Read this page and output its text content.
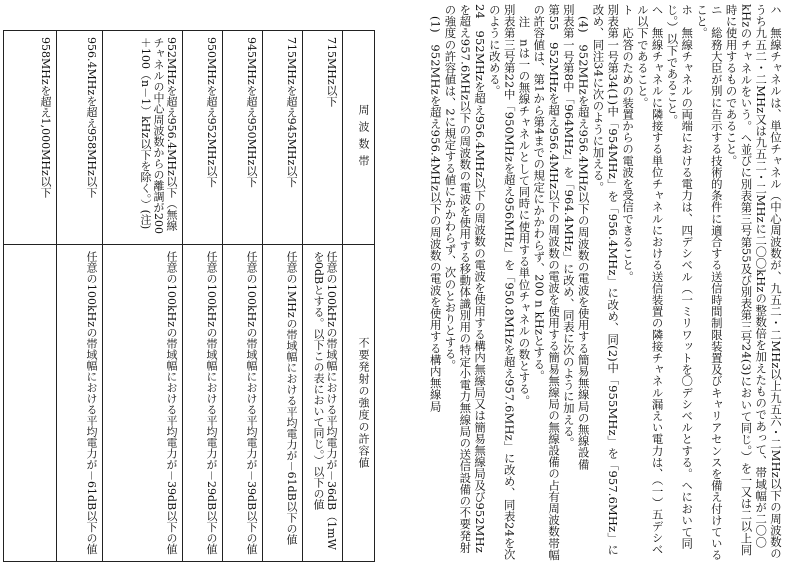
ハ　無線チャネルは、単位チャネル（中心周波数が、九五二・二MHz以上九五六・二MHz以下の周波数のうち九五二・二MHz又は九五二・二MHzに二〇〇kHzの整数倍を加えたものであって、帯域幅が二〇〇kHzのチャネルをいう。ヘ並びに別表第三号第55及び別表第三号24(3)において同じ。）を一又は二以上同時に使用するものであること。

ニ　総務大臣が別に告示する技術的条件に適合する送信時間制限装置及びキャリアセンスを備え付けていること。

ホ　無線チャネルの両端における電力は、四デシベル（一ミリワットを〇デシベルとする。ヘにおいて同じ。）以下であること。

ヘ　無線チャネルに隣接する単位チャネルにおける送信装置の隣接チャネル漏えい電力は、（一）五デシベル以下であること。

ト　応答のための装置からの電波を受信できること。

別表第一号第34(1)中「954MHz」を「956.4MHz」に改め、同(2)中「955MHz」を「957.6MHz」に改め、同注34に次のように加える。

(4)　952MHzを超え956.4MHz以下の周波数の電波を使用する簡易無線局の無線設備

別表第一号第8中「964MHz」を「964.4MHz」に改め、同表に次のように加える。

第55　952MHzを超え956.4MHz以下の周波数の電波を使用する簡易無線局の無線設備の占有周波数帯幅の許容値は、第1から第4までの規定にかかわらず、200 n kHzとする。

注　nは一の無線チャネルとして同時に使用する単位チャネルの数とする。

別表第三号第22中「950MHzを超え956MHz」を「950.8MHzを超え957.6MHz」に改め、同表24を次のように改める。

24　952MHzを超え956.4MHz以下の周波数の電波を使用する構内無線局又は簡易無線局及び952MHzを超え957.6MHz以下の周波数の電波を使用する移動体識別用の特定小電力無線局の送信設備の不要発射の強度の許容値は、2に規定する値にかかわらず、次のとおりとする。

(1)　952MHzを超え956.4MHz以下の周波数の電波を使用する構内無線局

周波数帯
不要発射の強度の許容値
715MHz以下
任意の100kHzの帯域幅における平均電力が－36dB（1mWを0dBとする。以下この表において同じ。）以下の値
715MHzを超え945MHz以下
任意の1MHzの帯域幅における平均電力が－61dB以下の値
945MHzを超え950MHz以下
任意の100kHzの帯域幅における平均電力が－39dB以下の値
950MHzを超え952MHz以下
任意の100kHzの帯域幅における平均電力が－29dB以下の値
952MHzを超え956.4MHz以下（無線チャネルの中心周波数からの離調が200＋100（n－1）kHz以下を除く。）(注)
任意の100kHzの帯域幅における平均電力が－39dB以下の値
956.4MHzを超え958MHz以下
任意の100kHzの帯域幅における平均電力が－61dB以下の値
958MHzを超え1,000MHz以下
